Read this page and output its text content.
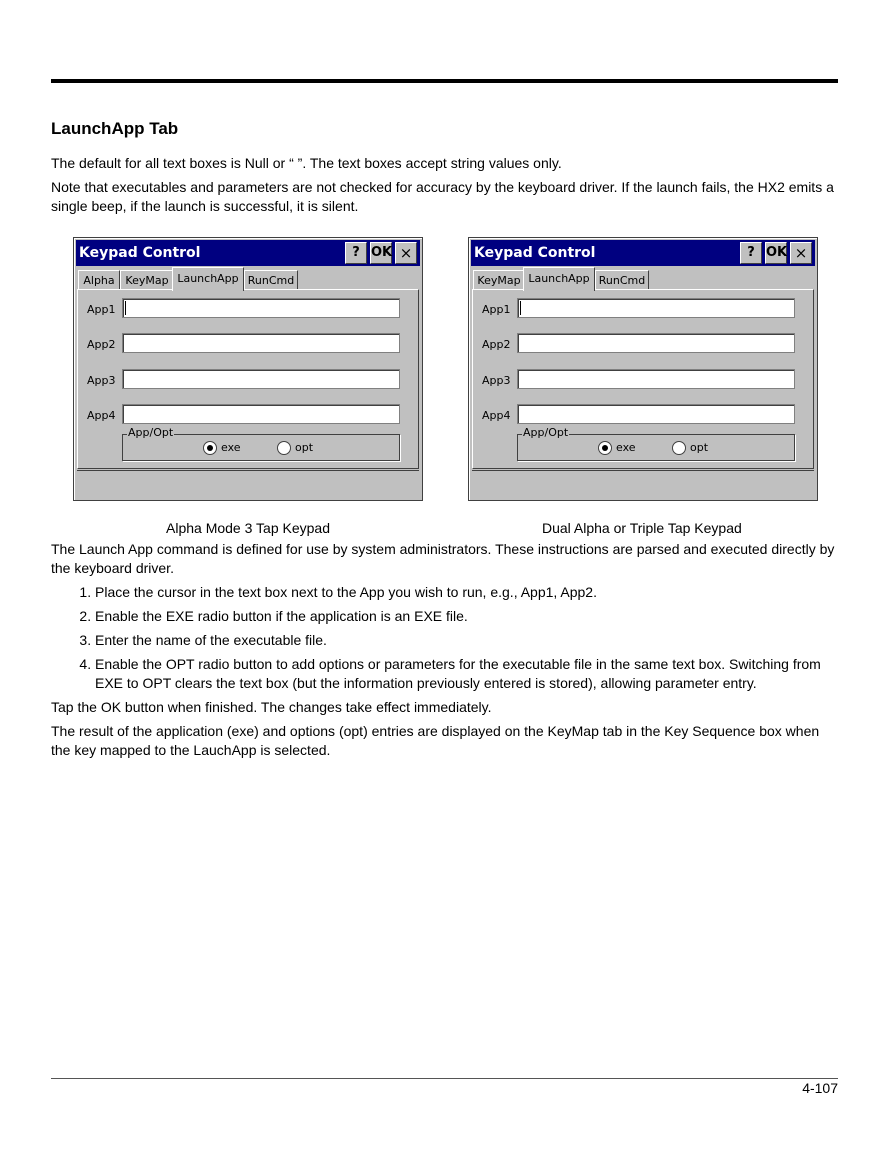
LaunchApp Tab

The default for all text boxes is Null or “ ”. The text boxes accept string values only.

Note that executables and parameters are not checked for accuracy by the keyboard driver. If the launch fails, the HX2 emits a single beep, if the launch is successful, it is silent.

Keypad Control	? OK ×
Alpha KeyMap LaunchApp RunCmd
App1
App2
App3
App4
App/Opt
exe	opt
Keypad Control	? OK ×
KeyMap LaunchApp RunCmd
App1
App2
App3
App4
App/Opt
exe	opt
Alpha Mode 3 Tap Keypad	Dual Alpha or Triple Tap Keypad

The Launch App command is defined for use by system administrators. These instructions are parsed and executed directly by the keyboard driver.

1. Place the cursor in the text box next to the App you wish to run, e.g., App1, App2.
2. Enable the EXE radio button if the application is an EXE file.
3. Enter the name of the executable file.
4. Enable the OPT radio button to add options or parameters for the executable file in the same text box. Switching from EXE to OPT clears the text box (but the information previously entered is stored), allowing parameter entry.

Tap the OK button when finished. The changes take effect immediately.

The result of the application (exe) and options (opt) entries are displayed on the KeyMap tab in the Key Sequence box when the key mapped to the LauchApp is selected.

4-107
